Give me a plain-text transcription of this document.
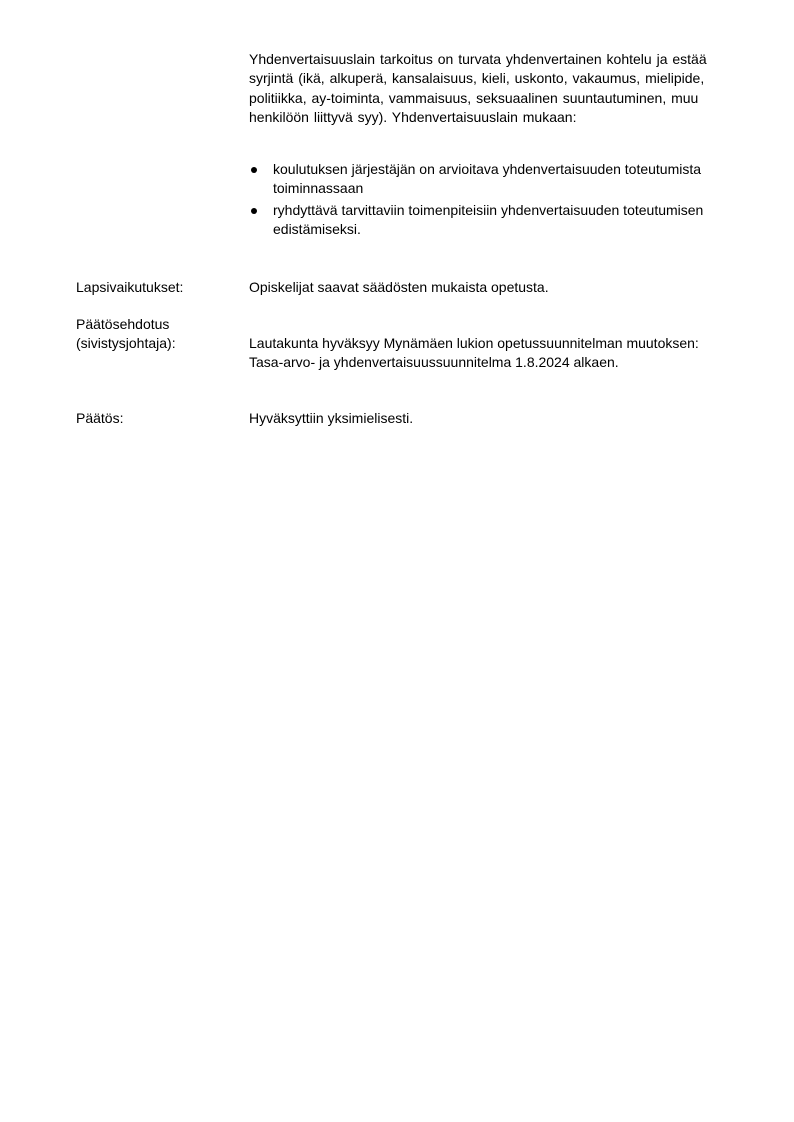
Yhdenvertaisuuslain tarkoitus on turvata yhdenvertainen kohtelu ja estää syrjintä (ikä, alkuperä, kansalaisuus, kieli, uskonto, vakaumus, mielipide, politiikka, ay-toiminta, vammaisuus, seksuaalinen suuntautuminen, muu henkilöön liittyvä syy). Yhdenvertaisuuslain mukaan:
koulutuksen järjestäjän on arvioitava yhdenvertaisuuden toteutumista toiminnassaan
ryhdyttävä tarvittaviin toimenpiteisiin yhdenvertaisuuden toteutumisen edistämiseksi.
Lapsivaikutukset:	Opiskelijat saavat säädösten mukaista opetusta.
Päätösehdotus
(sivistysjohtaja):	Lautakunta hyväksyy Mynämäen lukion opetussuunnitelman muutoksen: Tasa-arvo- ja yhdenvertaisuussuunnitelma 1.8.2024 alkaen.
Päätös:	Hyväksyttiin yksimielisesti.
